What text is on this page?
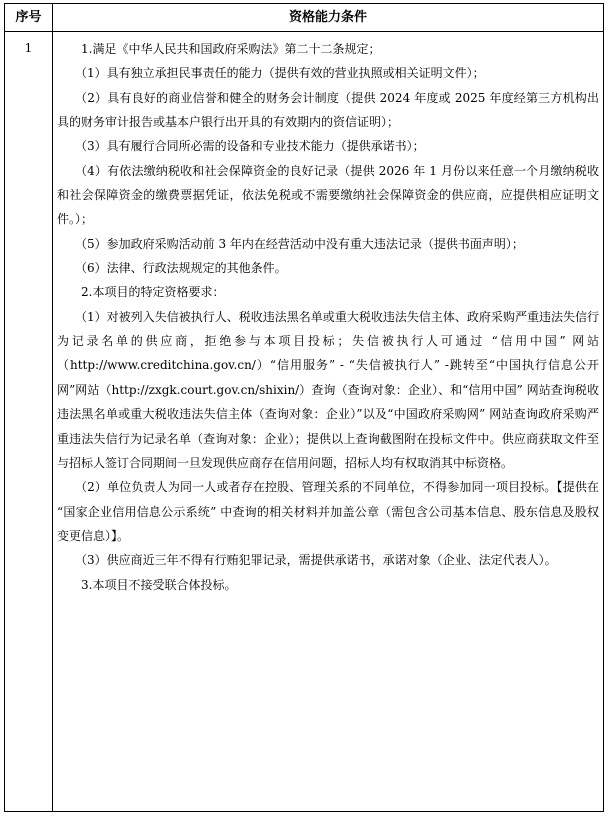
序号	资格能力条件
1	1.满足《中华人民共和国政府采购法》第二十二条规定；

（1）具有独立承担民事责任的能力（提供有效的营业执照或相关证明文件）；

（2）具有良好的商业信誉和健全的财务会计制度（提供 2024 年度或 2025 年度经第三方机构出具的财务审计报告或基本户银行出开具的有效期内的资信证明）；

（3）具有履行合同所必需的设备和专业技术能力（提供承诺书）；

（4）有依法缴纳税收和社会保障资金的良好记录（提供 2026 年 1 月份以来任意一个月缴纳税收和社会保障资金的缴费票据凭证，依法免税或不需要缴纳社会保障资金的供应商，应提供相应证明文件。）；

（5）参加政府采购活动前 3 年内在经营活动中没有重大违法记录（提供书面声明）；

（6）法律、行政法规规定的其他条件。

2.本项目的特定资格要求：

（1）对被列入失信被执行人、税收违法黑名单或重大税收违法失信主体、政府采购严重违法失信行为记录名单的供应商，拒绝参与本项目投标；失信被执行人可通过 “信用中国” 网站（http://www.creditchina.gov.cn/）“信用服务” - “失信被执行人” -跳转至“中国执行信息公开网”网站（http://zxgk.court.gov.cn/shixin/）查询（查询对象：企业）、和“信用中国” 网站查询税收违法黑名单或重大税收违法失信主体（查询对象：企业）”以及“中国政府采购网” 网站查询政府采购严重违法失信行为记录名单（查询对象：企业）；提供以上查询截图附在投标文件中。供应商获取文件至与招标人签订合同期间一旦发现供应商存在信用问题，招标人均有权取消其中标资格。

（2）单位负责人为同一人或者存在控股、管理关系的不同单位，不得参加同一项目投标。【提供在 “国家企业信用信息公示系统” 中查询的相关材料并加盖公章（需包含公司基本信息、股东信息及股权变更信息）】。

（3）供应商近三年不得有行贿犯罪记录，需提供承诺书，承诺对象（企业、法定代表人）。

3.本项目不接受联合体投标。
